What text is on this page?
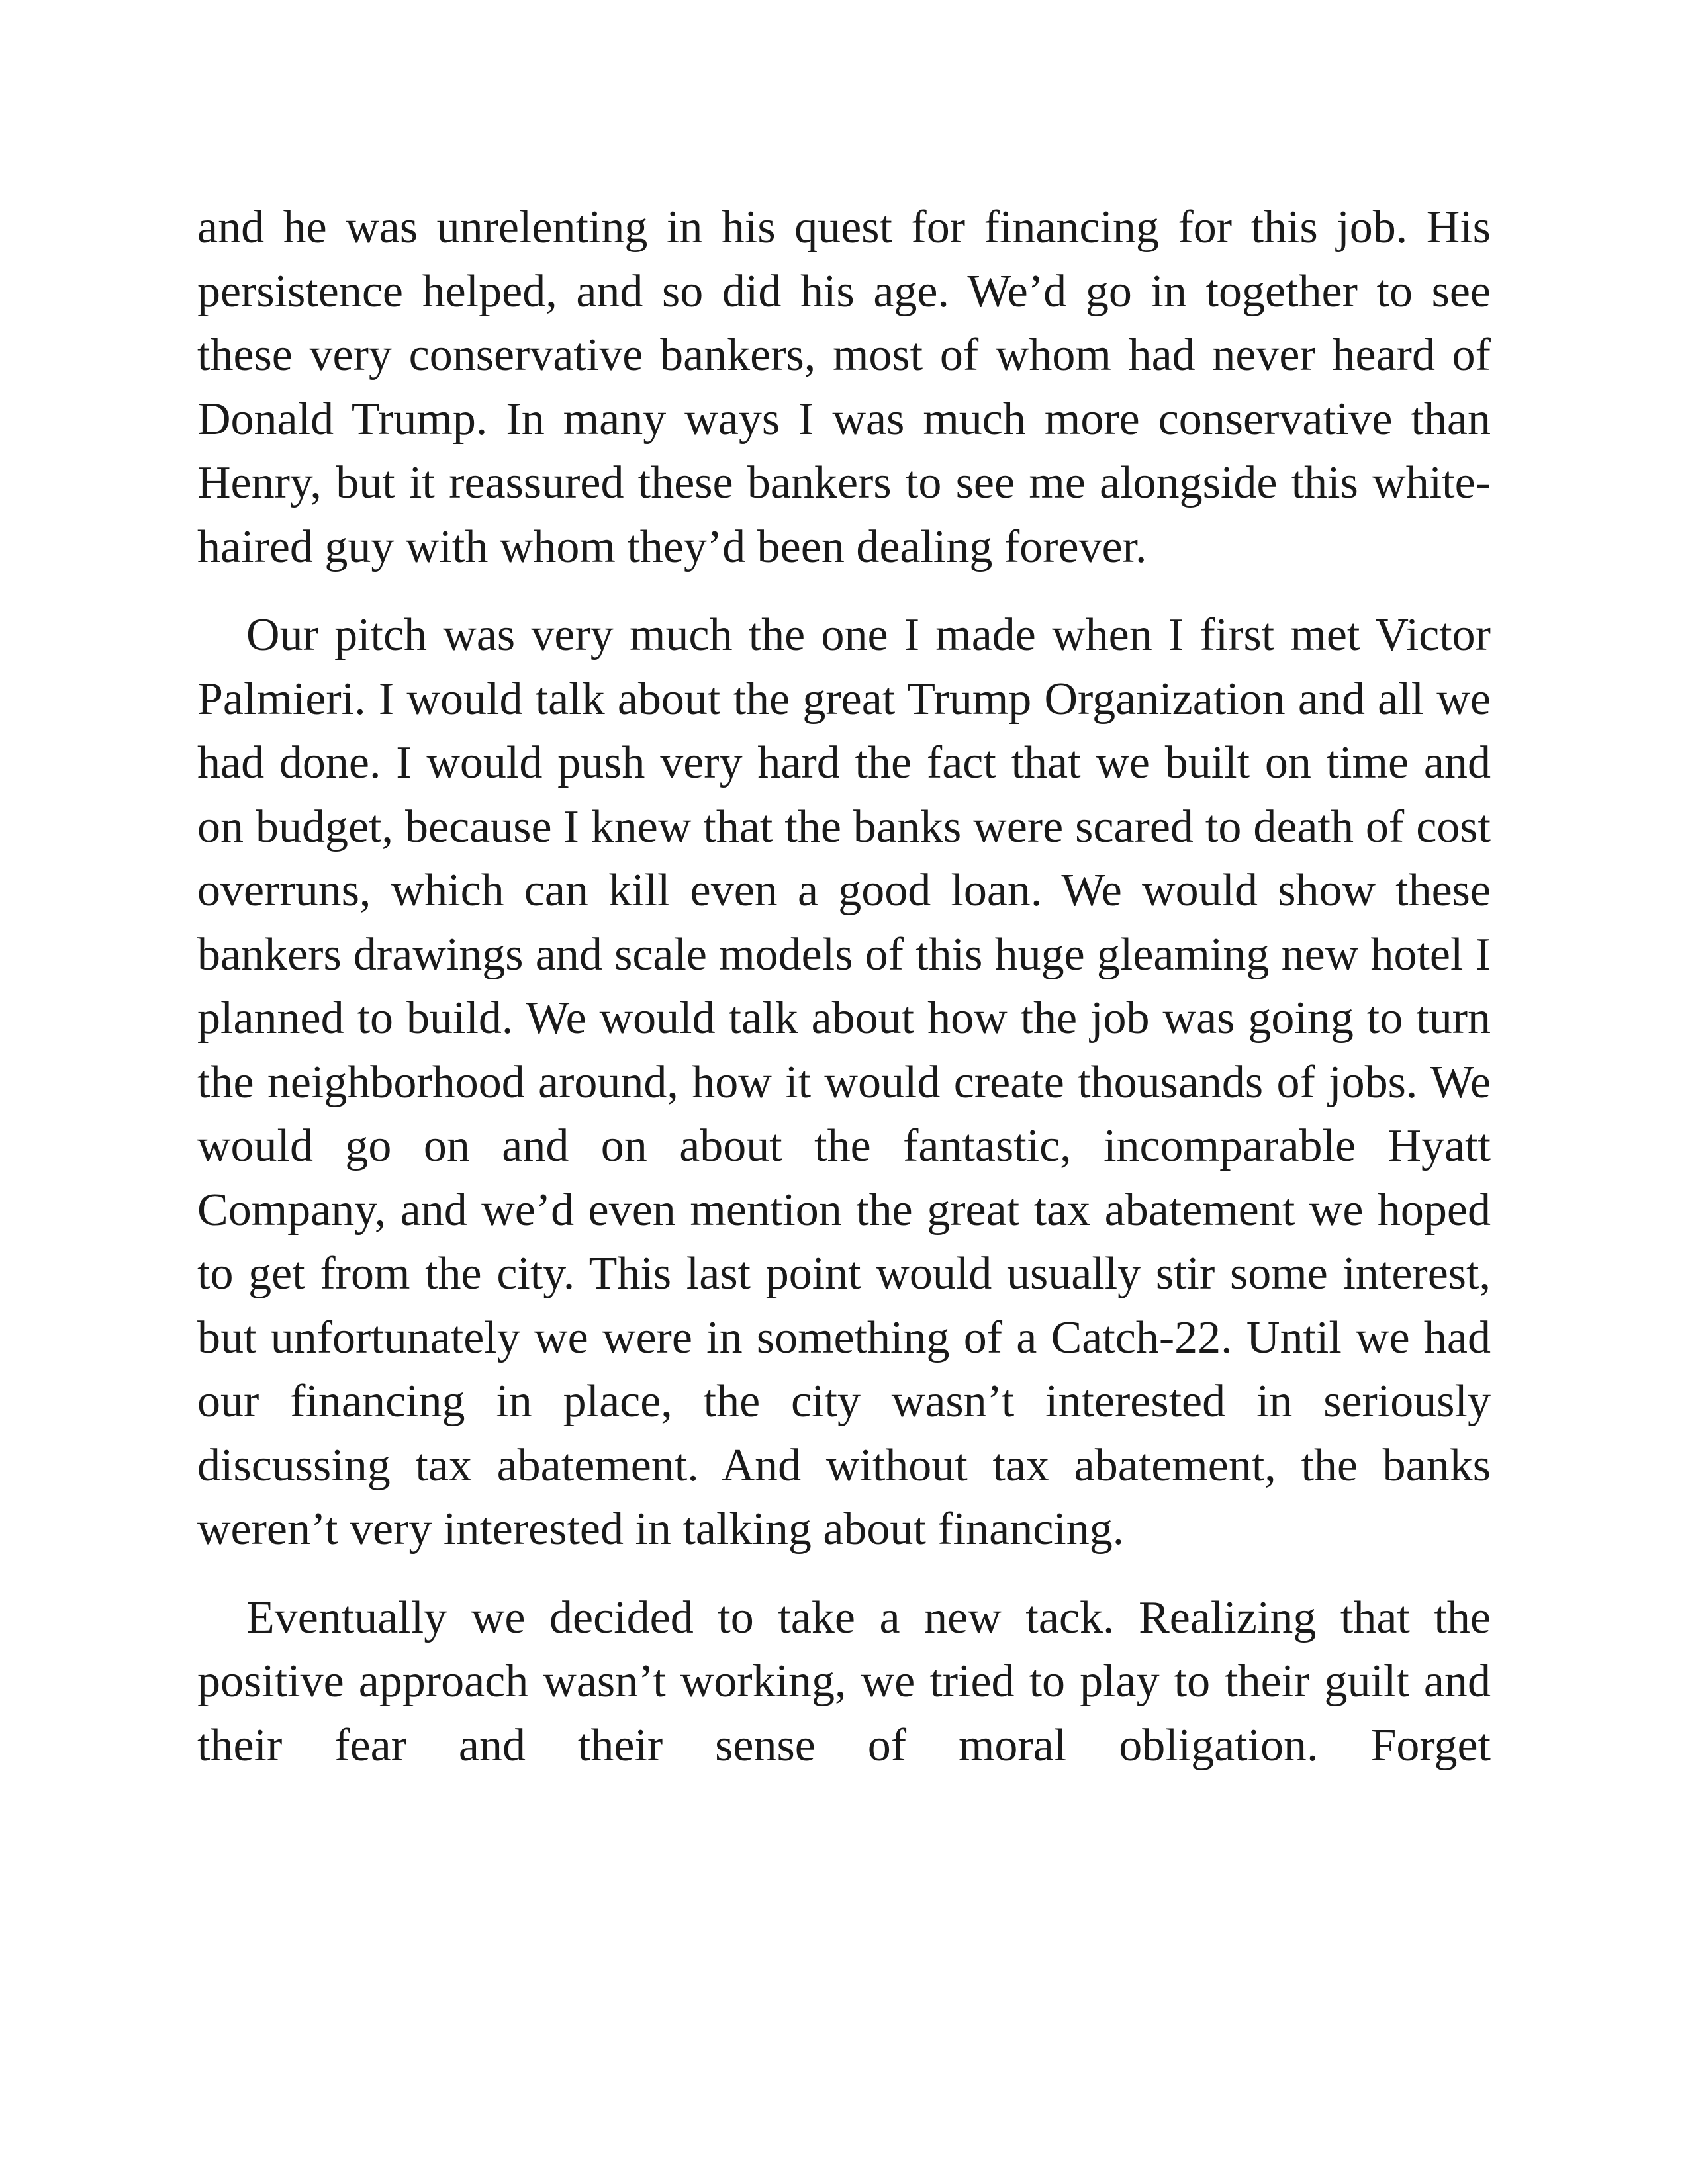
and he was unrelenting in his quest for financing for this job. His persistence helped, and so did his age. We’d go in together to see these very conservative bankers, most of whom had never heard of Donald Trump. In many ways I was much more conservative than Henry, but it reassured these bankers to see me alongside this white-haired guy with whom they’d been dealing forever.

Our pitch was very much the one I made when I first met Victor Palmieri. I would talk about the great Trump Organization and all we had done. I would push very hard the fact that we built on time and on budget, because I knew that the banks were scared to death of cost overruns, which can kill even a good loan. We would show these bankers drawings and scale models of this huge gleaming new hotel I planned to build. We would talk about how the job was going to turn the neighborhood around, how it would create thousands of jobs. We would go on and on about the fantastic, incomparable Hyatt Company, and we’d even mention the great tax abatement we hoped to get from the city. This last point would usually stir some interest, but unfortunately we were in something of a Catch-22. Until we had our financing in place, the city wasn’t interested in seriously discussing tax abatement. And without tax abatement, the banks weren’t very interested in talking about financing.

Eventually we decided to take a new tack. Realizing that the positive approach wasn’t working, we tried to play to their guilt and their fear and their sense of moral obligation. Forget
